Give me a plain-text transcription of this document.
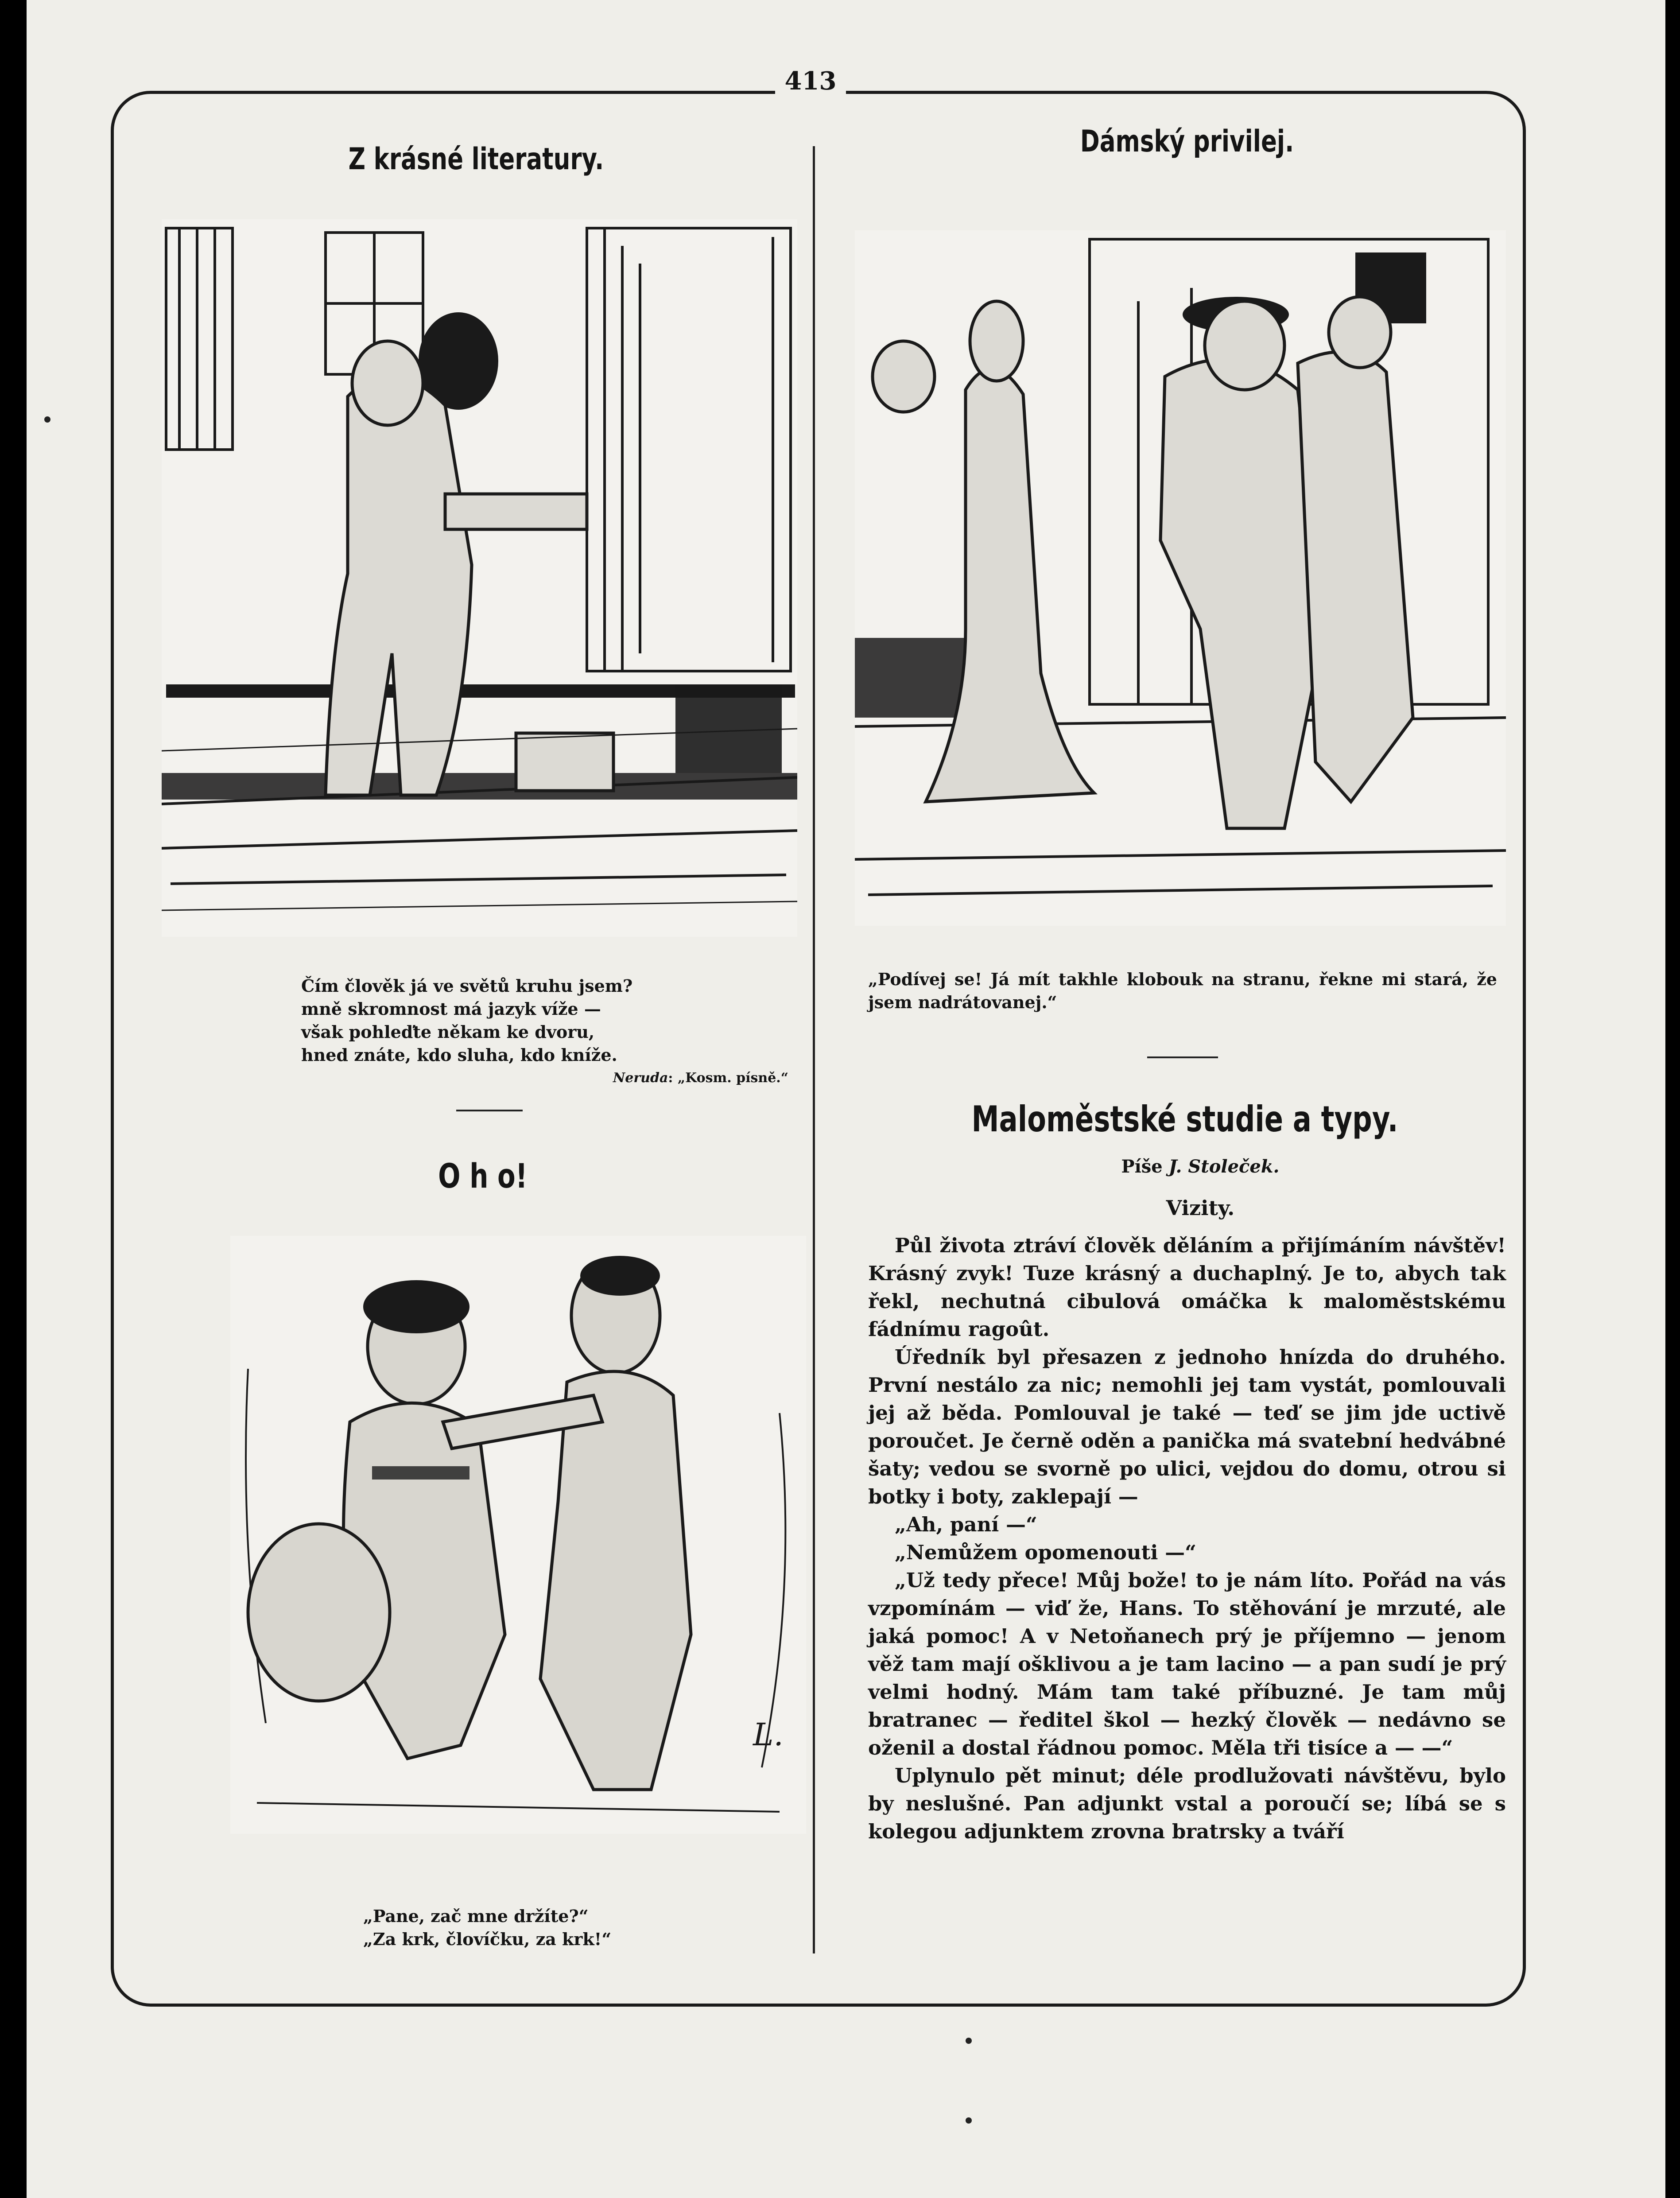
413
Z krásné literatury.
Čím člověk já ve světů kruhu jsem?
mně skromnost má jazyk víže —
však pohleďte někam ke dvoru,
hned znáte, kdo sluha, kdo kníže.
Neruda: „Kosm. písně.“
O h o!
L.
„Pane, zač mne držíte?“
„Za krk, človíčku, za krk!“
Dámský privilej.
„Podívej se! Já mít takhle klobouk na stranu, řekne mi stará, že jsem nadrátovanej.“
Maloměstské studie a typy.
Píše J. Stoleček.
Vizity.

Půl života ztráví člověk děláním a přijímáním návštěv! Krásný zvyk! Tuze krásný a duchaplný. Je to, abych tak řekl, nechutná cibulová omáčka k maloměstskému fádnímu ragoût.

Úředník byl přesazen z jednoho hnízda do druhého. První nestálo za nic; nemohli jej tam vystát, pomlouvali jej až běda. Pomlouval je také — teď se jim jde uctivě poroučet. Je černě oděn a panička má svatební hedvábné šaty; vedou se svorně po ulici, vejdou do domu, otrou si botky i boty, zaklepají —

„Ah, paní —“

„Nemůžem opomenouti —“

„Už tedy přece! Můj bože! to je nám líto. Pořád na vás vzpomínám — viď že, Hans. To stěhování je mrzuté, ale jaká pomoc! A v Netoňanech prý je příjemno — jenom věž tam mají ošklivou a je tam lacino — a pan sudí je prý velmi hodný. Mám tam také příbuzné. Je tam můj bratranec — ředitel škol — hezký člověk — nedávno se oženil a dostal řádnou pomoc. Měla tři tisíce a — —“

Uplynulo pět minut; déle prodlužovati návštěvu, bylo by neslušné. Pan adjunkt vstal a poroučí se; líbá se s kolegou adjunktem zrovna bratrsky a tváří
